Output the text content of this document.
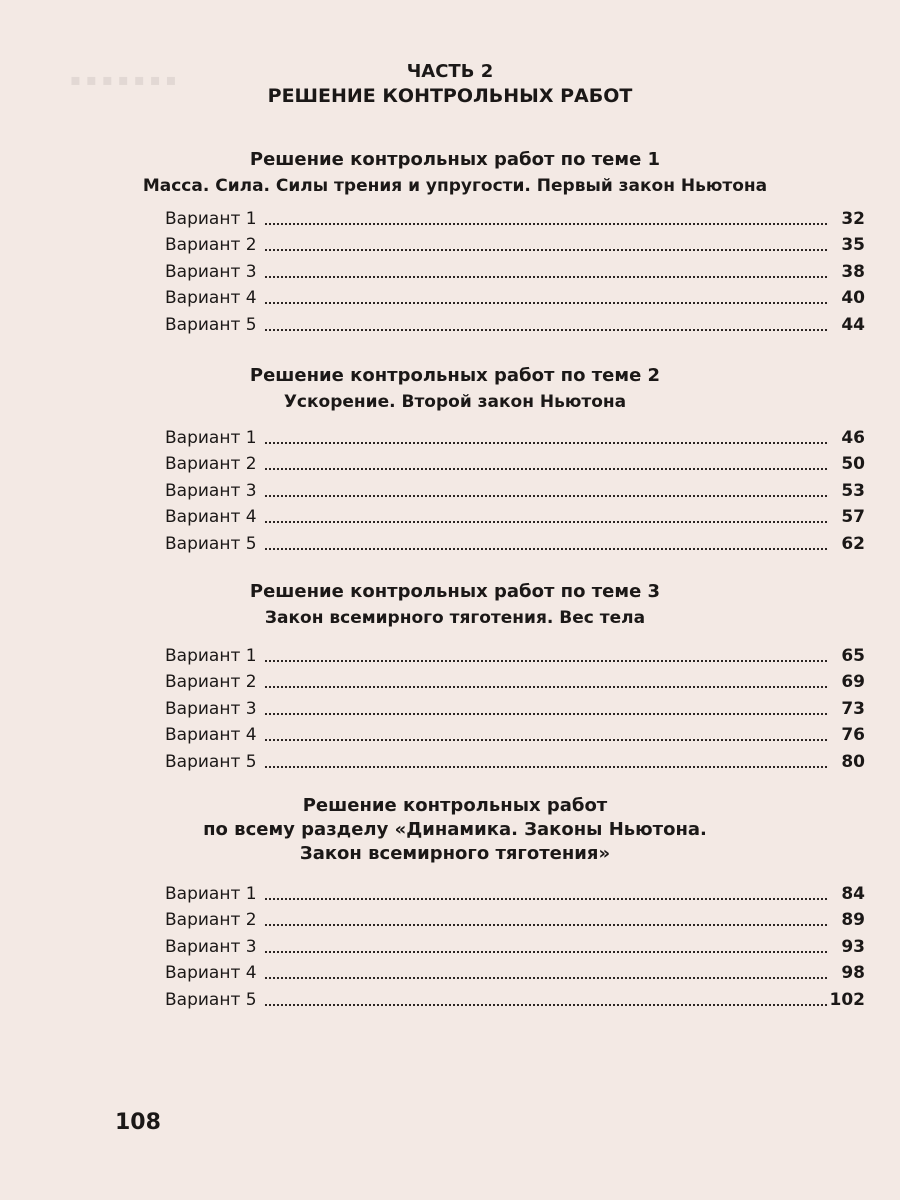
▪ ▪ ▪ ▪ ▪ ▪ ▪	ЧАСТЬ 2
РЕШЕНИЕ КОНТРОЛЬНЫХ РАБОТ
Решение контрольных работ по теме 1
Масса. Сила. Силы трения и упругости. Первый закон Ньютона
Вариант 1	32
Вариант 2	35
Вариант 3	38
Вариант 4	40
Вариант 5	44
Решение контрольных работ по теме 2
Ускорение. Второй закон Ньютона
Вариант 1	46
Вариант 2	50
Вариант 3	53
Вариант 4	57
Вариант 5	62
Решение контрольных работ по теме 3
Закон всемирного тяготения. Вес тела
Вариант 1	65
Вариант 2	69
Вариант 3	73
Вариант 4	76
Вариант 5	80
Решение контрольных работ
по всему разделу «Динамика. Законы Ньютона.
Закон всемирного тяготения»
Вариант 1	84
Вариант 2	89
Вариант 3	93
Вариант 4	98
Вариант 5	102
108
